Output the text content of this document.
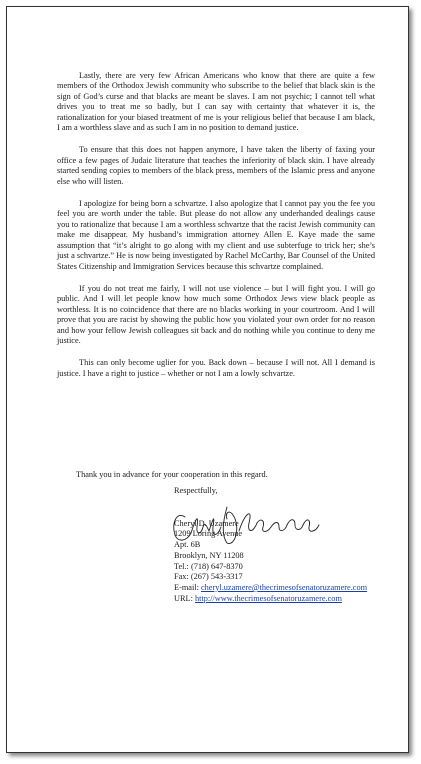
Lastly, there are very few African Americans who know that there are quite a few members of the Orthodox Jewish community who subscribe to the belief that black skin is the sign of God’s curse and that blacks are meant be slaves. I am not psychic; I cannot tell what drives you to treat me so badly, but I can say with certainty that whatever it is, the rationalization for your biased treatment of me is your religious belief that because I am black, I am a worthless slave and as such I am in no position to demand justice.

To ensure that this does not happen anymore, I have taken the liberty of faxing your office a few pages of Judaic literature that teaches the inferiority of black skin. I have already started sending copies to members of the black press, members of the Islamic press and anyone else who will listen.

I apologize for being born a schvartze. I also apologize that I cannot pay you the fee you feel you are worth under the table. But please do not allow any underhanded dealings cause you to rationalize that because I am a worthless schvartze that the racist Jewish community can make me disappear. My husband’s immigration attorney Allen E. Kaye made the same assumption that “it’s alright to go along with my client and use subterfuge to trick her; she’s just a schvartze.” He is now being investigated by Rachel McCarthy, Bar Counsel of the United States Citizenship and Immigration Services because this schvartze complained.

If you do not treat me fairly, I will not use violence – but I will fight you. I will go public. And I will let people know how much some Orthodox Jews view black people as worthless. It is no coincidence that there are no blacks working in your courtroom. And I will prove that you are racist by showing the public how you violated your own order for no reason and how your fellow Jewish colleagues sit back and do nothing while you continue to deny me justice.

This can only become uglier for you. Back down – because I will not. All I demand is justice. I have a right to justice – whether or not I am a lowly schvartze.

Thank you in advance for your cooperation in this regard.
Respectfully,
Cheryl D. Uzamere
1209 Loring Avenue
Apt. 6B
Brooklyn, NY 11208
Tel.: (718) 647-8370
Fax: (267) 543-3317
E-mail: cheryl.uzamere@thecrimesofsenatoruzamere.com
URL: http://www.thecrimesofsenatoruzamere.com
